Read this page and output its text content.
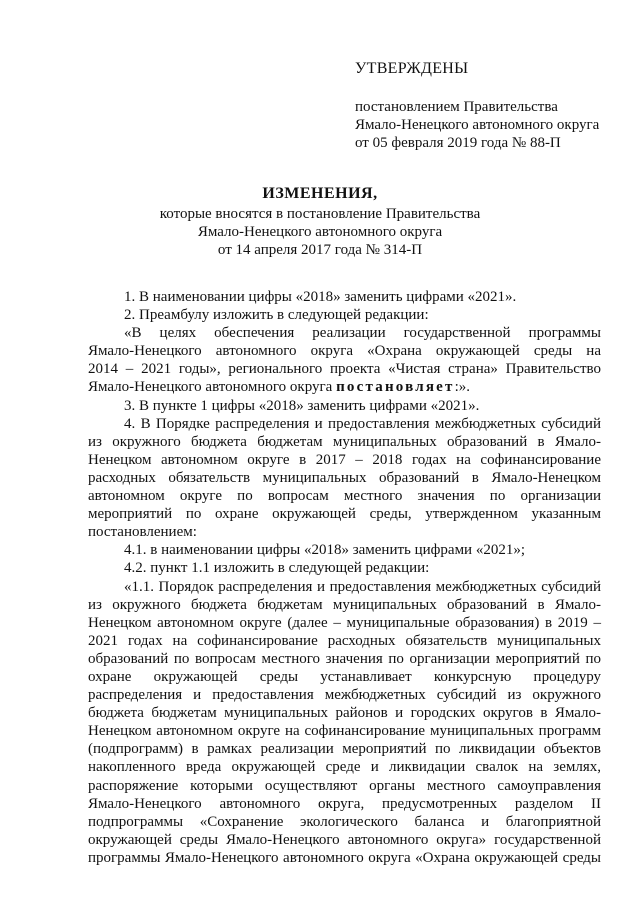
УТВЕРЖДЕНЫ
постановлением Правительства
Ямало-Ненецкого автономного округа
от 05 февраля 2019 года № 88-П
ИЗМЕНЕНИЯ,
которые вносятся в постановление Правительства
Ямало-Ненецкого автономного округа
от 14 апреля 2017 года № 314-П
1. В наименовании цифры «2018» заменить цифрами «2021».
2. Преамбулу изложить в следующей редакции:
«В целях обеспечения реализации государственной программы
Ямало-Ненецкого автономного округа «Охрана окружающей среды на
2014 – 2021 годы», регионального проекта «Чистая страна» Правительство
Ямало-Ненецкого автономного округа постановляет:».
3. В пункте 1 цифры «2018» заменить цифрами «2021».
4. В Порядке распределения и предоставления межбюджетных субсидий
из окружного бюджета бюджетам муниципальных образований в Ямало-
Ненецком автономном округе в 2017 – 2018 годах на софинансирование
расходных обязательств муниципальных образований в Ямало-Ненецком
автономном округе по вопросам местного значения по организации
мероприятий по охране окружающей среды, утвержденном указанным
постановлением:
4.1. в наименовании цифры «2018» заменить цифрами «2021»;
4.2. пункт 1.1 изложить в следующей редакции:
«1.1. Порядок распределения и предоставления межбюджетных субсидий
из окружного бюджета бюджетам муниципальных образований в Ямало-
Ненецком автономном округе (далее – муниципальные образования) в 2019 –
2021 годах на софинансирование расходных обязательств муниципальных
образований по вопросам местного значения по организации мероприятий по
охране окружающей среды устанавливает конкурсную процедуру
распределения и предоставления межбюджетных субсидий из окружного
бюджета бюджетам муниципальных районов и городских округов в Ямало-
Ненецком автономном округе на софинансирование муниципальных программ
(подпрограмм) в рамках реализации мероприятий по ликвидации объектов
накопленного вреда окружающей среде и ликвидации свалок на землях,
распоряжение которыми осуществляют органы местного самоуправления
Ямало-Ненецкого автономного округа, предусмотренных разделом II
подпрограммы «Сохранение экологического баланса и благоприятной
окружающей среды Ямало-Ненецкого автономного округа» государственной
программы Ямало-Ненецкого автономного округа «Охрана окружающей среды
